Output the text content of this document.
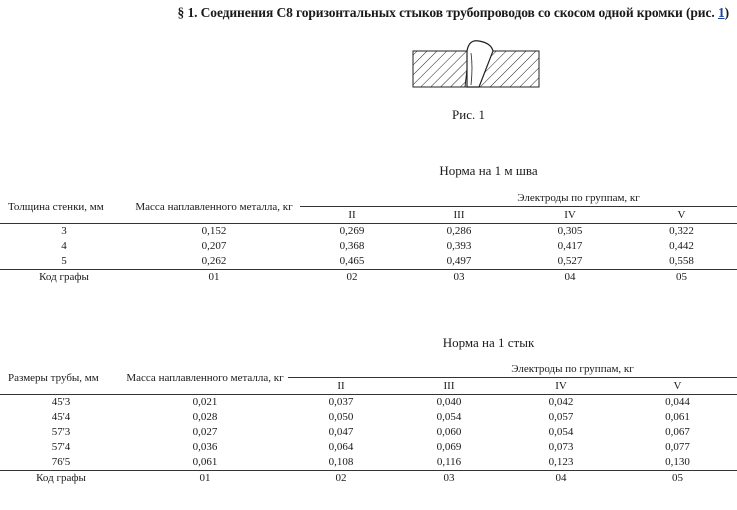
§ 1. Соединения С8 горизонтальных стыков трубопроводов со скосом одной кромки (рис. 1)
Рис. 1
Норма на 1 м шва
Толщина стенки, мм	Масса наплавленного металла, кг	Электроды по группам, кг			
		II	III	IV	V
3	0,152	0,269	0,286	0,305	0,322
4	0,207	0,368	0,393	0,417	0,442
5	0,262	0,465	0,497	0,527	0,558
Код графы	01	02	03	04	05
Норма на 1 стык
Размеры трубы, мм	Масса наплавленного металла, кг	Электроды по группам, кг			
		II	III	IV	V
45'3	0,021	0,037	0,040	0,042	0,044
45'4	0,028	0,050	0,054	0,057	0,061
57'3	0,027	0,047	0,060	0,054	0,067
57'4	0,036	0,064	0,069	0,073	0,077
76'5	0,061	0,108	0,116	0,123	0,130
Код графы	01	02	03	04	05
